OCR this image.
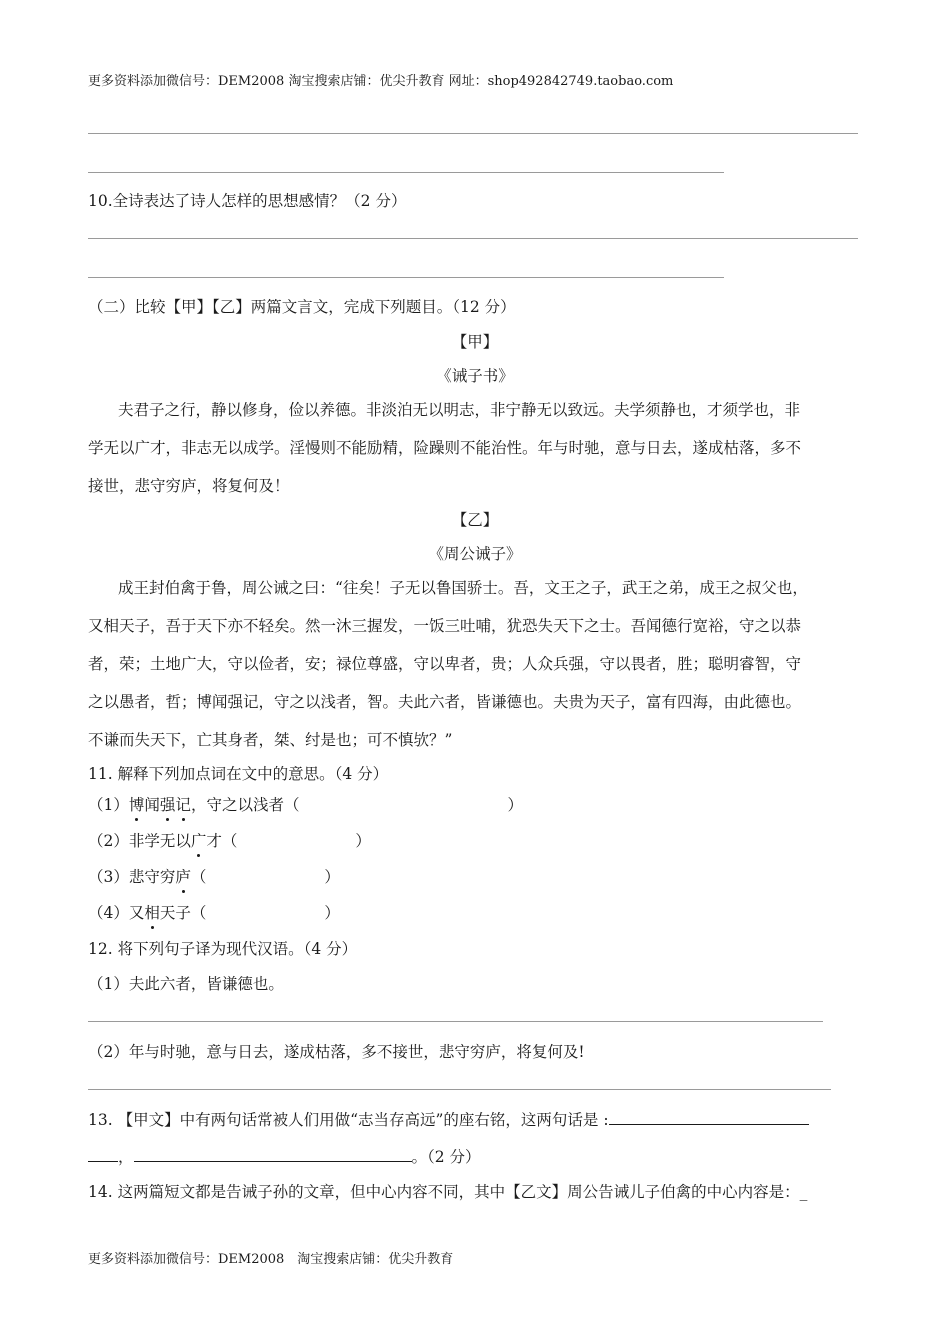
更多资料添加微信号：DEM2008 淘宝搜索店铺：优尖升教育 网址：shop492842749.taobao.com
10.全诗表达了诗人怎样的思想感情？（2 分）
（二）比较【甲】【乙】两篇文言文，完成下列题目。（12 分）
【甲】
《诫子书》
夫君子之行，静以修身，俭以养德。非淡泊无以明志，非宁静无以致远。夫学须静也，才须学也，非
学无以广才，非志无以成学。淫慢则不能励精，险躁则不能治性。年与时驰，意与日去，遂成枯落，多不
接世，悲守穷庐，将复何及！
【乙】
《周公诫子》
成王封伯禽于鲁，周公诫之曰：“往矣！子无以鲁国骄士。吾，文王之子，武王之弟，成王之叔父也，
又相天子，吾于天下亦不轻矣。然一沐三握发，一饭三吐哺，犹恐失天下之士。吾闻德行宽裕，守之以恭
者，荣；土地广大，守以俭者，安；禄位尊盛，守以卑者，贵；人众兵强，守以畏者，胜；聪明睿智，守
之以愚者，哲；博闻强记，守之以浅者，智。夫此六者，皆谦德也。夫贵为天子，富有四海，由此德也。
不谦而失天下，亡其身者，桀、纣是也；可不慎欤？”
11. 解释下列加点词在文中的意思。（4 分）
（1）博闻强记，守之以浅者（	）
（2）非学无以广才（	）
（3）悲守穷庐（	）
（4）又相天子（	）
12. 将下列句子译为现代汉语。（4 分）
（1）夫此六者，皆谦德也。
（2）年与时驰，意与日去，遂成枯落，多不接世，悲守穷庐，将复何及!
13. 【甲文】中有两句话常被人们用做“志当存高远”的座右铭，这两句话是 :
，	。（2 分）
14. 这两篇短文都是告诫子孙的文章，但中心内容不同，其中【乙文】周公告诫儿子伯禽的中心内容是：_
更多资料添加微信号：DEM2008　淘宝搜索店铺：优尖升教育
